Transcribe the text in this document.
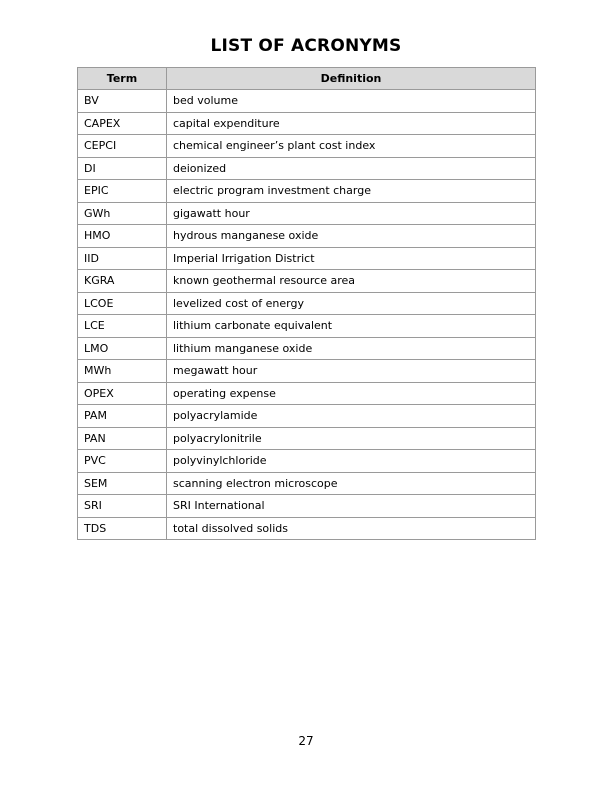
LIST OF ACRONYMS
Term	Definition
BV	bed volume
CAPEX	capital expenditure
CEPCI	chemical engineer’s plant cost index
DI	deionized
EPIC	electric program investment charge
GWh	gigawatt hour
HMO	hydrous manganese oxide
IID	Imperial Irrigation District
KGRA	known geothermal resource area
LCOE	levelized cost of energy
LCE	lithium carbonate equivalent
LMO	lithium manganese oxide
MWh	megawatt hour
OPEX	operating expense
PAM	polyacrylamide
PAN	polyacrylonitrile
PVC	polyvinylchloride
SEM	scanning electron microscope
SRI	SRI International
TDS	total dissolved solids
27
